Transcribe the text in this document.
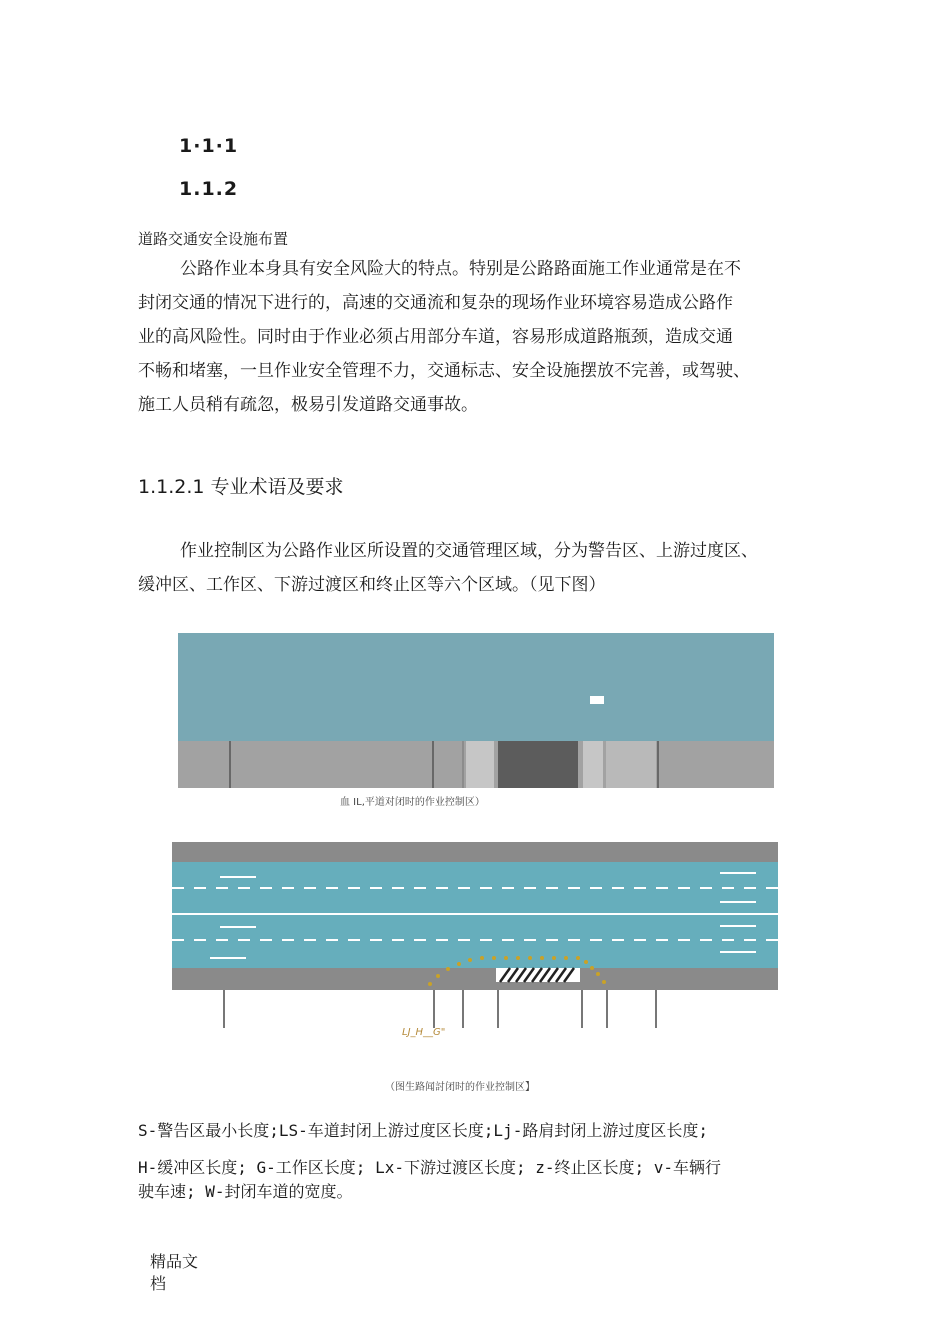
1·1·1
1.1.2
道路交通安全设施布置
公路作业本身具有安全风险大的特点。特别是公路路面施工作业通常是在不
封闭交通的情况下进行的，高速的交通流和复杂的现场作业环境容易造成公路作
业的高风险性。同时由于作业必须占用部分车道，容易形成道路瓶颈，造成交通
不畅和堵塞，一旦作业安全管理不力，交通标志、安全设施摆放不完善，或驾驶、
施工人员稍有疏忽，极易引发道路交通事故。
1.1.2.1 专业术语及要求
作业控制区为公路作业区所设置的交通管理区域，分为警告区、上游过度区、
缓冲区、工作区、下游过渡区和终止区等六个区域。（见下图）
血 IL,平道对闭时的作业控制区）
LJ_H__G"
（图生路闻討闭时的作业控制区】
S-警告区最小长度;LS-车道封闭上游过度区长度;Lj-路肩封闭上游过度区长度;
H-缓冲区长度; G-工作区长度; Lx-下游过渡区长度; z-终止区长度; v-车辆行
驶车速; W-封闭车道的宽度。
精品文
档
